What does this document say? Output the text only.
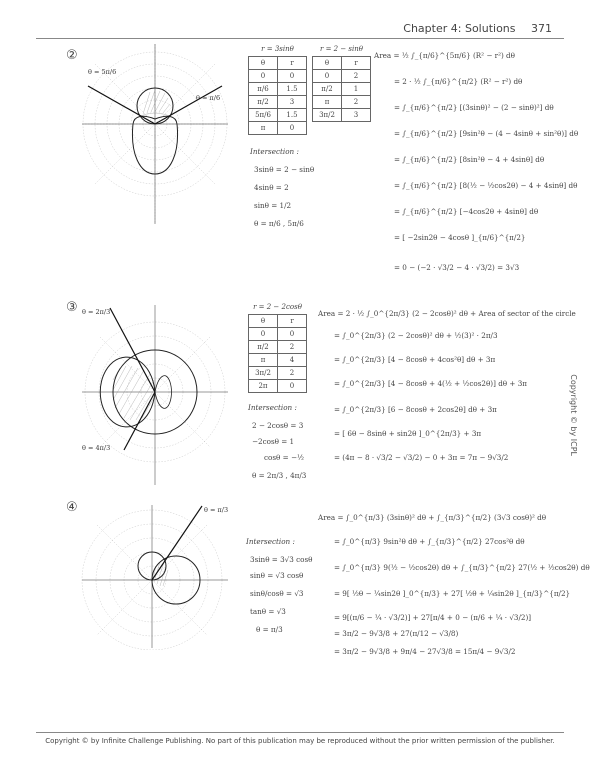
Chapter 4: Solutions 371
②
θ = 5π/6
θ = π/6
r = 3sinθ
θ	r
0	0
π/6	1.5
π/2	3
5π/6	1.5
π	0
r = 2 − sinθ
θ	r
0	2
π/2	1
π	2
3π/2	3
Intersection :
3sinθ = 2 − sinθ
4sinθ = 2
sinθ = 1/2
θ = π/6 , 5π/6
Area = ½ ∫_{π/6}^{5π/6} (R² − r²) dθ
= 2 · ½ ∫_{π/6}^{π/2} (R² − r²) dθ
= ∫_{π/6}^{π/2} [(3sinθ)² − (2 − sinθ)²] dθ
= ∫_{π/6}^{π/2} [9sin²θ − (4 − 4sinθ + sin²θ)] dθ
= ∫_{π/6}^{π/2} [8sin²θ − 4 + 4sinθ] dθ
= ∫_{π/6}^{π/2} [8(½ − ½cos2θ) − 4 + 4sinθ] dθ
= ∫_{π/6}^{π/2} [−4cos2θ + 4sinθ] dθ
= [ −2sin2θ − 4cosθ ]_{π/6}^{π/2}
= 0 − (−2 · √3/2 − 4 · √3/2) = 3√3
③ θ = 2π/3
θ = 4π/3
r = 2 − 2cosθ
θ	r
0	0
π/2	2
π	4
3π/2	2
2π	0
Intersection :
2 − 2cosθ = 3
−2cosθ = 1
cosθ = −½
θ = 2π/3 , 4π/3
Area = 2 · ½ ∫_0^{2π/3} (2 − 2cosθ)² dθ + Area of sector of the circle
= ∫_0^{2π/3} (2 − 2cosθ)² dθ + ½(3)² · 2π/3
= ∫_0^{2π/3} [4 − 8cosθ + 4cos²θ] dθ + 3π
= ∫_0^{2π/3} [4 − 8cosθ + 4(½ + ½cos2θ)] dθ + 3π
= ∫_0^{2π/3} [6 − 8cosθ + 2cos2θ] dθ + 3π
= [ 6θ − 8sinθ + sin2θ ]_0^{2π/3} + 3π
= (4π − 8 · √3/2 − √3/2) − 0 + 3π = 7π − 9√3/2
④	θ = π/3
Intersection :
3sinθ = 3√3 cosθ
sinθ = √3 cosθ
sinθ/cosθ = √3
tanθ = √3
θ = π/3
Area = ∫_0^{π/3} (3sinθ)² dθ + ∫_{π/3}^{π/2} (3√3 cosθ)² dθ
= ∫_0^{π/3} 9sin²θ dθ + ∫_{π/3}^{π/2} 27cos²θ dθ
= ∫_0^{π/3} 9(½ − ½cos2θ) dθ + ∫_{π/3}^{π/2} 27(½ + ½cos2θ) dθ
= 9[ ½θ − ¼sin2θ ]_0^{π/3} + 27[ ½θ + ¼sin2θ ]_{π/3}^{π/2}
= 9[(π/6 − ¼ · √3/2)] + 27[π/4 + 0 − (π/6 + ¼ · √3/2)]
= 3π/2 − 9√3/8 + 27(π/12 − √3/8)
= 3π/2 − 9√3/8 + 9π/4 − 27√3/8 = 15π/4 − 9√3/2
Copyright © by ICPL
Copyright © by Infinite Challenge Publishing. No part of this publication may be reproduced without the prior written permission of the publisher.
